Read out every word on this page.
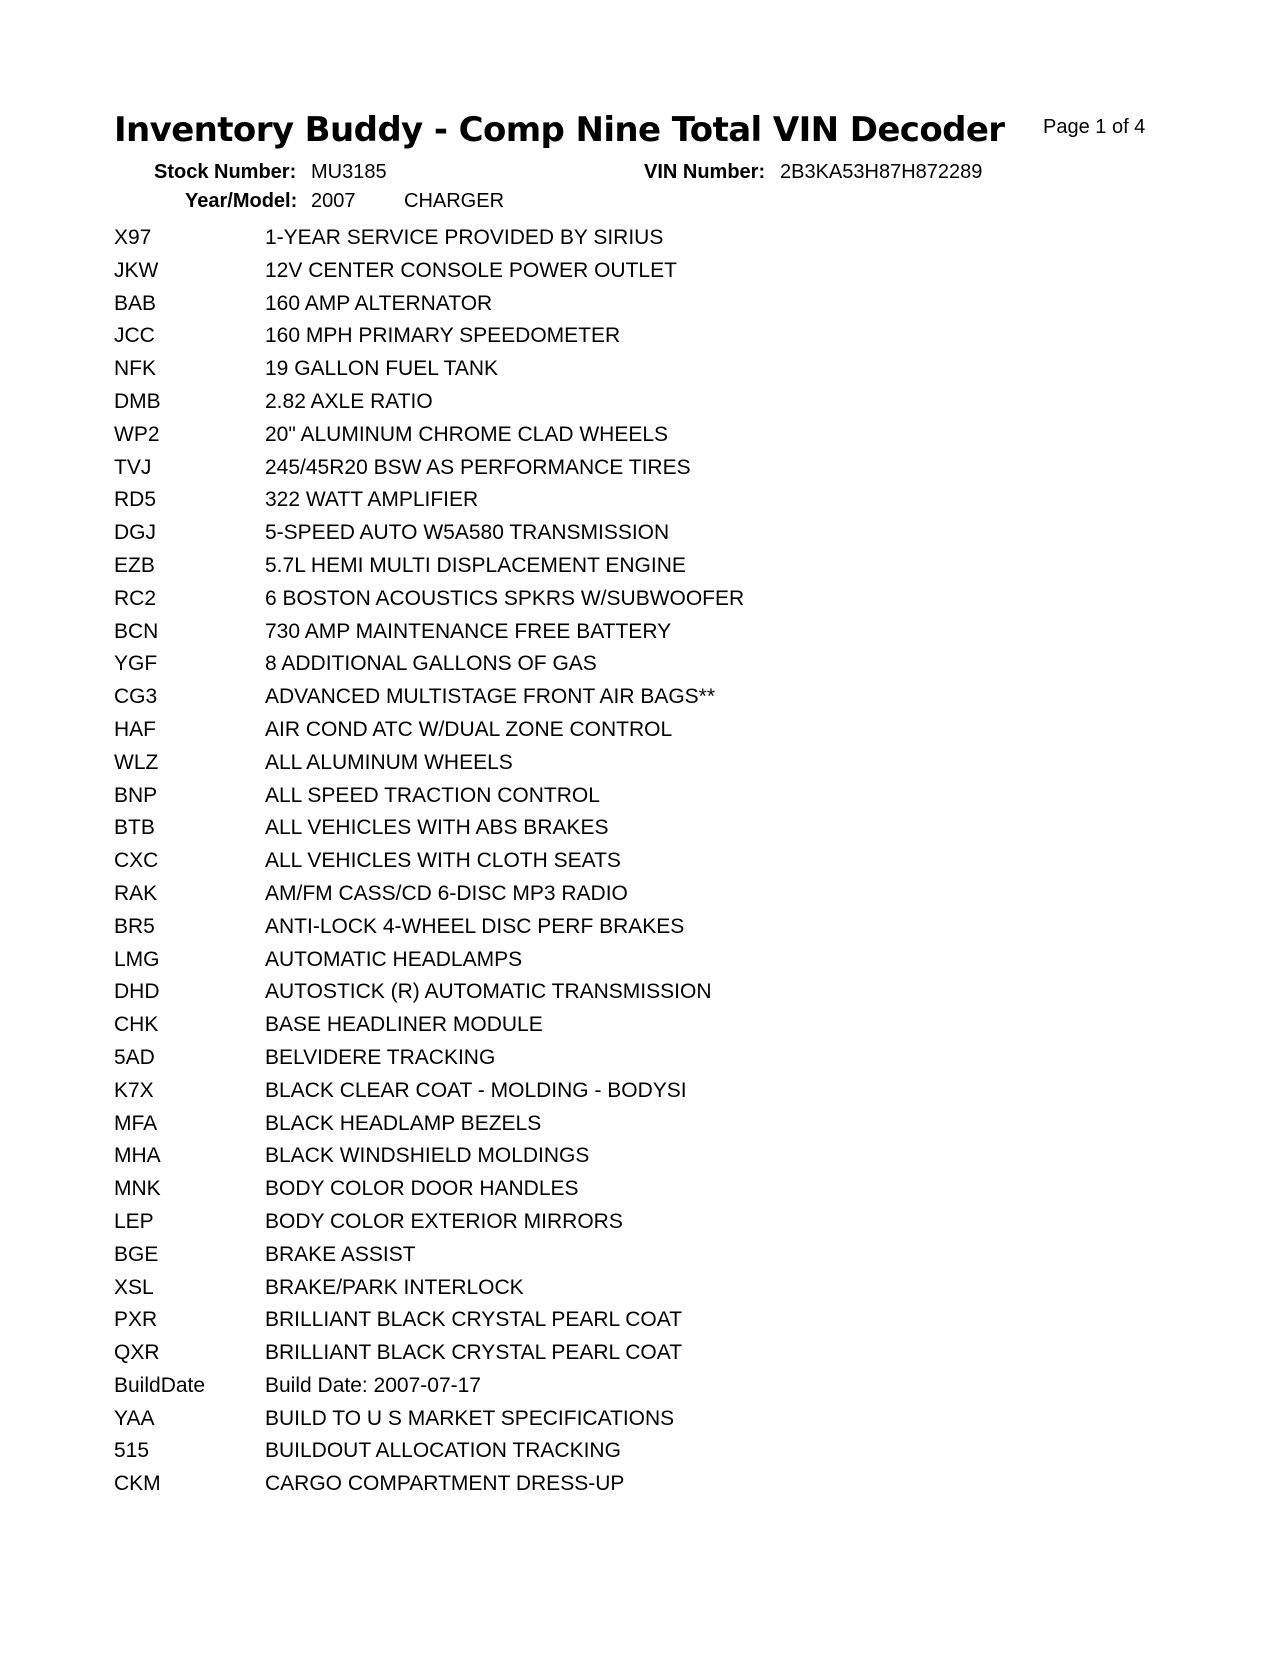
Inventory Buddy - Comp Nine Total VIN Decoder Page 1 of 4
Stock Number: MU3185	VIN Number: 2B3KA53H87H872289
Year/Model: 2007 CHARGER
X97	1-YEAR SERVICE PROVIDED BY SIRIUS
JKW	12V CENTER CONSOLE POWER OUTLET
BAB	160 AMP ALTERNATOR
JCC	160 MPH PRIMARY SPEEDOMETER
NFK	19 GALLON FUEL TANK
DMB	2.82 AXLE RATIO
WP2	20" ALUMINUM CHROME CLAD WHEELS
TVJ	245/45R20 BSW AS PERFORMANCE TIRES
RD5	322 WATT AMPLIFIER
DGJ	5-SPEED AUTO W5A580 TRANSMISSION
EZB	5.7L HEMI MULTI DISPLACEMENT ENGINE
RC2	6 BOSTON ACOUSTICS SPKRS W/SUBWOOFER
BCN	730 AMP MAINTENANCE FREE BATTERY
YGF	8 ADDITIONAL GALLONS OF GAS
CG3	ADVANCED MULTISTAGE FRONT AIR BAGS**
HAF	AIR COND ATC W/DUAL ZONE CONTROL
WLZ	ALL ALUMINUM WHEELS
BNP	ALL SPEED TRACTION CONTROL
BTB	ALL VEHICLES WITH ABS BRAKES
CXC	ALL VEHICLES WITH CLOTH SEATS
RAK	AM/FM CASS/CD 6-DISC MP3 RADIO
BR5	ANTI-LOCK 4-WHEEL DISC PERF BRAKES
LMG	AUTOMATIC HEADLAMPS
DHD	AUTOSTICK (R) AUTOMATIC TRANSMISSION
CHK	BASE HEADLINER MODULE
5AD	BELVIDERE TRACKING
K7X	BLACK CLEAR COAT - MOLDING - BODYSI
MFA	BLACK HEADLAMP BEZELS
MHA	BLACK WINDSHIELD MOLDINGS
MNK	BODY COLOR DOOR HANDLES
LEP	BODY COLOR EXTERIOR MIRRORS
BGE	BRAKE ASSIST
XSL	BRAKE/PARK INTERLOCK
PXR	BRILLIANT BLACK CRYSTAL PEARL COAT
QXR	BRILLIANT BLACK CRYSTAL PEARL COAT
BuildDate	Build Date: 2007-07-17
YAA	BUILD TO U S MARKET SPECIFICATIONS
515	BUILDOUT ALLOCATION TRACKING
CKM	CARGO COMPARTMENT DRESS-UP
